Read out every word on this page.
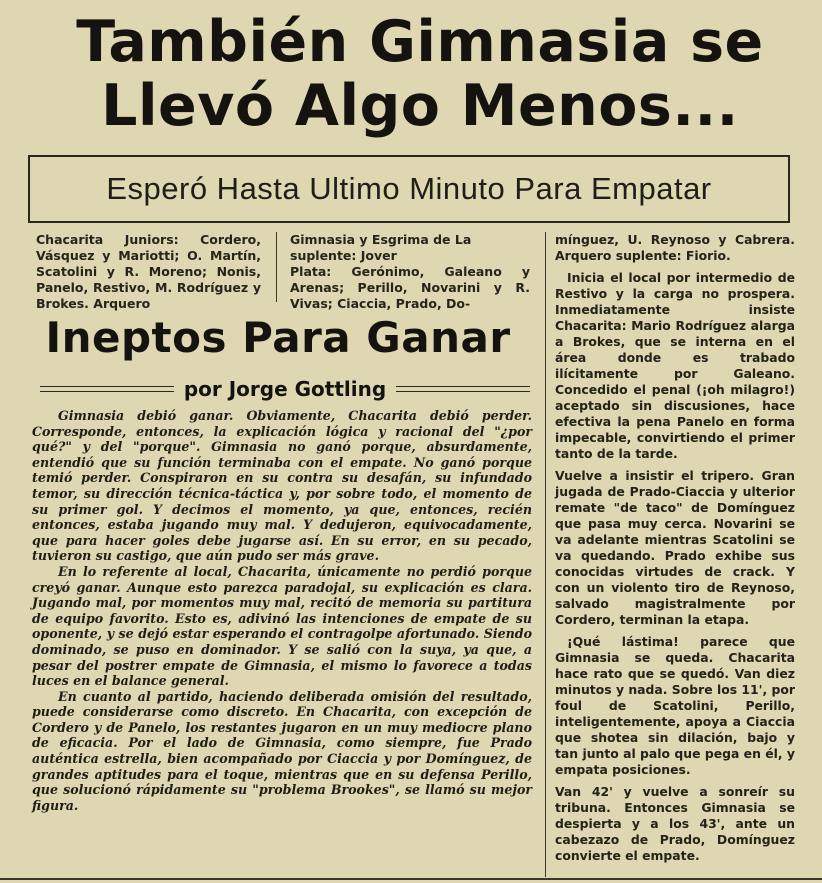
También Gimnasia se
Llevó Algo Menos...
Esperó Hasta Ultimo Minuto Para Empatar
Chacarita Juniors: Cordero, Vásquez y Mariotti; O. Martín, Scatolini y R. Moreno; Nonis, Panelo, Restivo, M. Rodríguez y Brokes. Arquero
Gimnasia y Esgrima de La
suplente: Jover
Plata: Gerónimo, Galeano y Arenas; Perillo, Novarini y R. Vivas; Ciaccia, Prado, Do-
Ineptos Para Ganar
por Jorge Gottling

Gimnasia debió ganar. Obviamente, Chacarita debió perder. Corresponde, entonces, la explicación lógica y racional del "¿por qué?" y del "porque". Gimnasia no ganó porque, absurdamente, entendió que su función terminaba con el empate. No ganó porque temió perder. Conspiraron en su contra su desafán, su infundado temor, su dirección técnica-táctica y, por sobre todo, el momento de su primer gol. Y decimos el momento, ya que, entonces, recién entonces, estaba jugando muy mal. Y dedujeron, equivocadamente, que para hacer goles debe jugarse así. En su error, en su pecado, tuvieron su castigo, que aún pudo ser más grave.

En lo referente al local, Chacarita, únicamente no perdió porque creyó ganar. Aunque esto parezca paradojal, su explicación es clara. Jugando mal, por momentos muy mal, recitó de memoria su partitura de equipo favorito. Esto es, adivinó las intenciones de empate de su oponente, y se dejó estar esperando el contragolpe afortunado. Siendo dominado, se puso en dominador. Y se salió con la suya, ya que, a pesar del postrer empate de Gimnasia, el mismo lo favorece a todas luces en el balance general.

En cuanto al partido, haciendo deliberada omisión del resultado, puede considerarse como discreto. En Chacarita, con excepción de Cordero y de Panelo, los restantes jugaron en un muy mediocre plano de eficacia. Por el lado de Gimnasia, como siempre, fue Prado auténtica estrella, bien acompañado por Ciaccia y por Domínguez, de grandes aptitudes para el toque, mientras que en su defensa Perillo, que solucionó rápidamente su "problema Brookes", se llamó su mejor figura.

mínguez, U. Reynoso y Cabrera. Arquero suplente: Fiorio.

Inicia el local por intermedio de Restivo y la carga no prospera. Inmediatamente insiste Chacarita: Mario Rodríguez alarga a Brokes, que se interna en el área donde es trabado ilícitamente por Galeano. Concedido el penal (¡oh milagro!) aceptado sin discusiones, hace efectiva la pena Panelo en forma impecable, convirtiendo el primer tanto de la tarde.

Vuelve a insistir el tripero. Gran jugada de Prado-Ciaccia y ulterior remate "de taco" de Domínguez que pasa muy cerca. Novarini se va adelante mientras Scatolini se va quedando. Prado exhibe sus conocidas virtudes de crack. Y con un violento tiro de Reynoso, salvado magistralmente por Cordero, terminan la etapa.

¡Qué lástima! parece que Gimnasia se queda. Chacarita hace rato que se quedó. Van diez minutos y nada. Sobre los 11', por foul de Scatolini, Perillo, inteligentemente, apoya a Ciaccia que shotea sin dilación, bajo y tan junto al palo que pega en él, y empata posiciones.

Van 42' y vuelve a sonreír su tribuna. Entonces Gimnasia se despierta y a los 43', ante un cabezazo de Prado, Domínguez convierte el empate.
